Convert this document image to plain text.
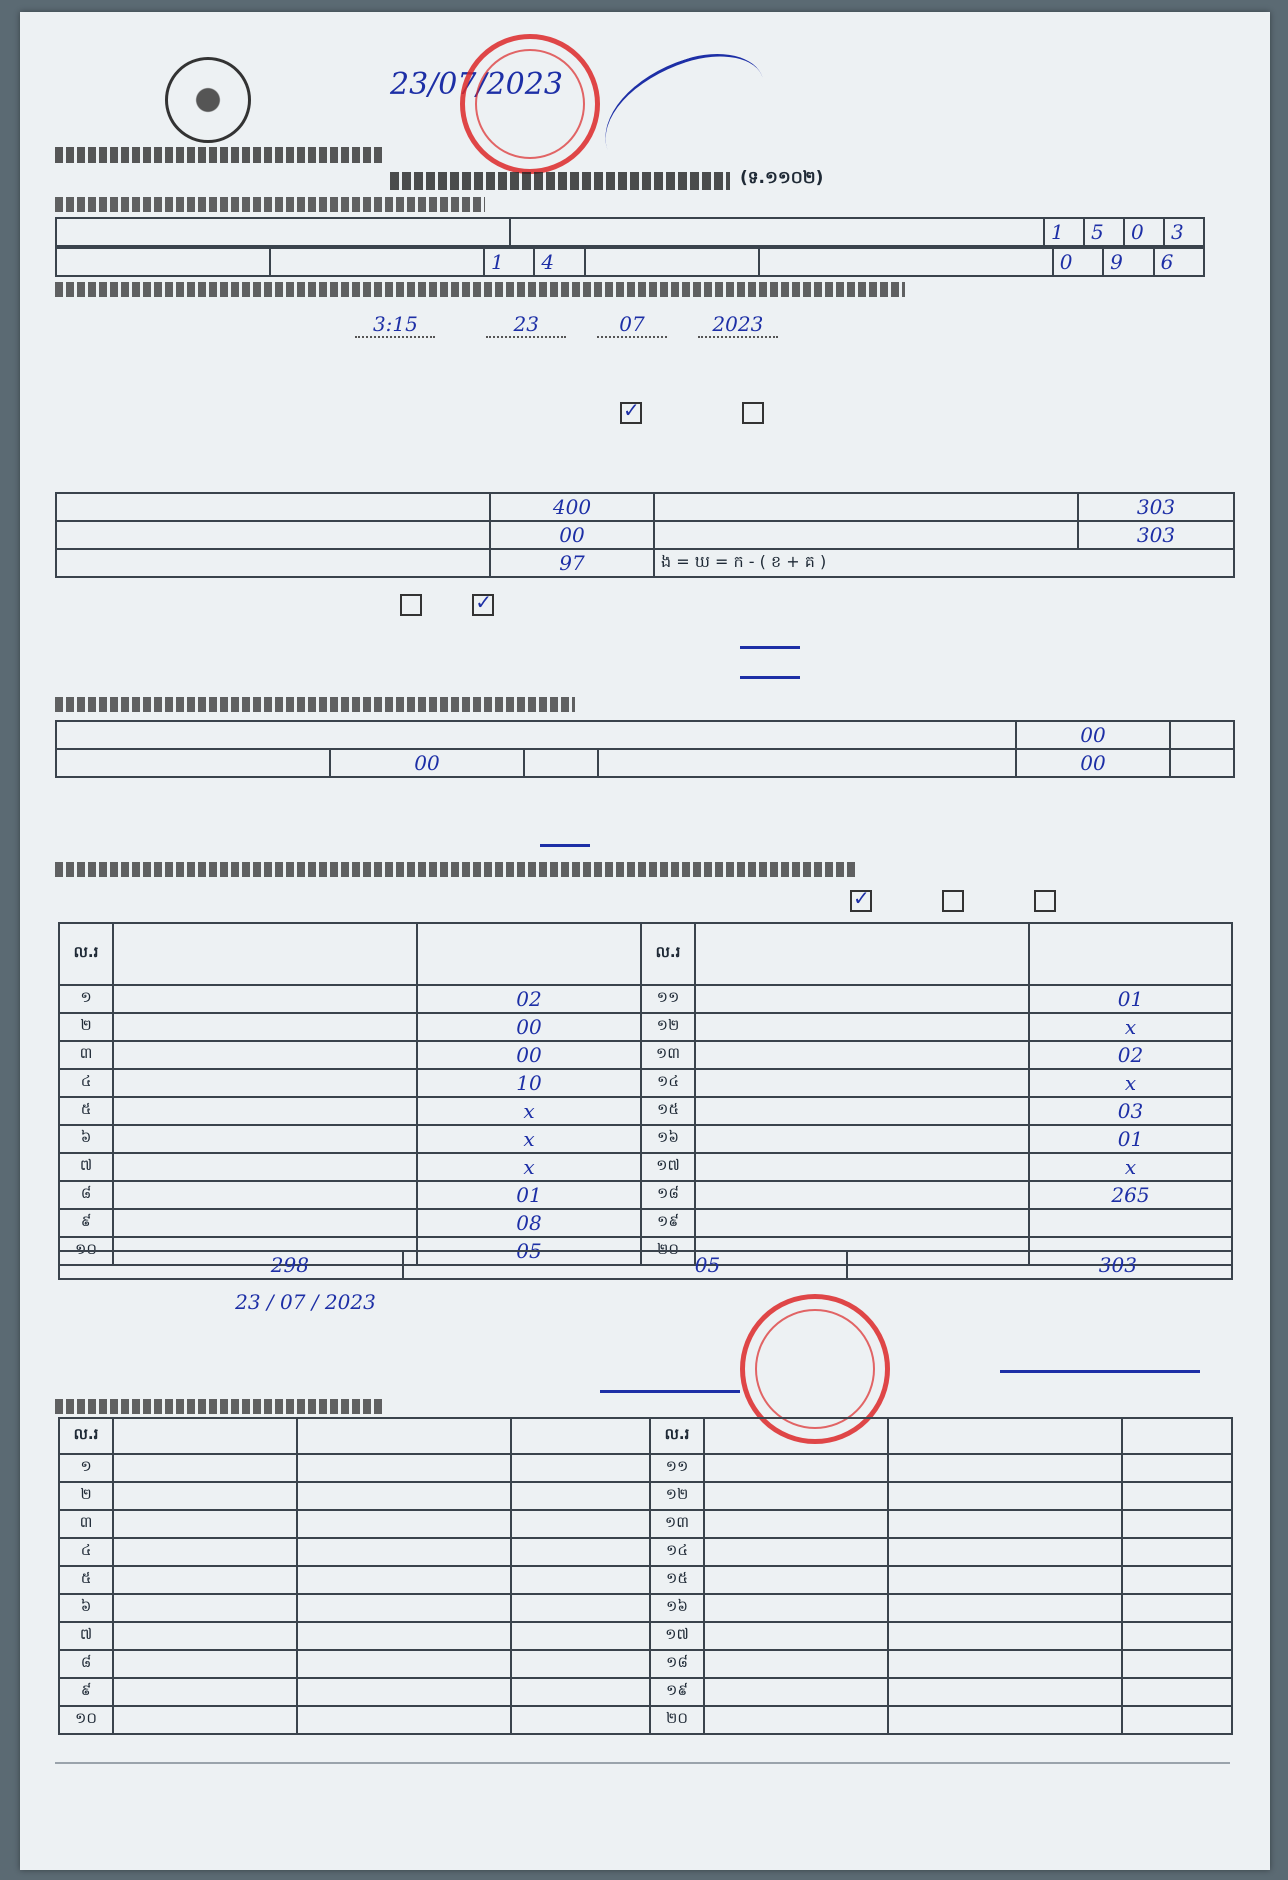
23/07/2023
(ទ.១១០២)
		1	5	0	3
		1	4			0	9	6
3:15	23	07	2023
✓
	400		303
	00		303
	97	ង = ឃ = ក - ( ខ + គ )	
✓
				00	
	00			00	
✓
ល.រ			ល.រ		
១		02	១១		01
២		00	១២		x
៣		00	១៣		02
៤		10	១៤		x
៥		x	១៥		03
៦		x	១៦		01
៧		x	១៧		x
៨		01	១៨		265
៩		08	១៩		
១០		05	២០		
298	05	303
23 / 07 / 2023
ល.រ				ល.រ			
១				១១			
២				១២			
៣				១៣			
៤				១៤			
៥				១៥			
៦				១៦			
៧				១៧			
៨				១៨			
៩				១៩			
១០				២០			
